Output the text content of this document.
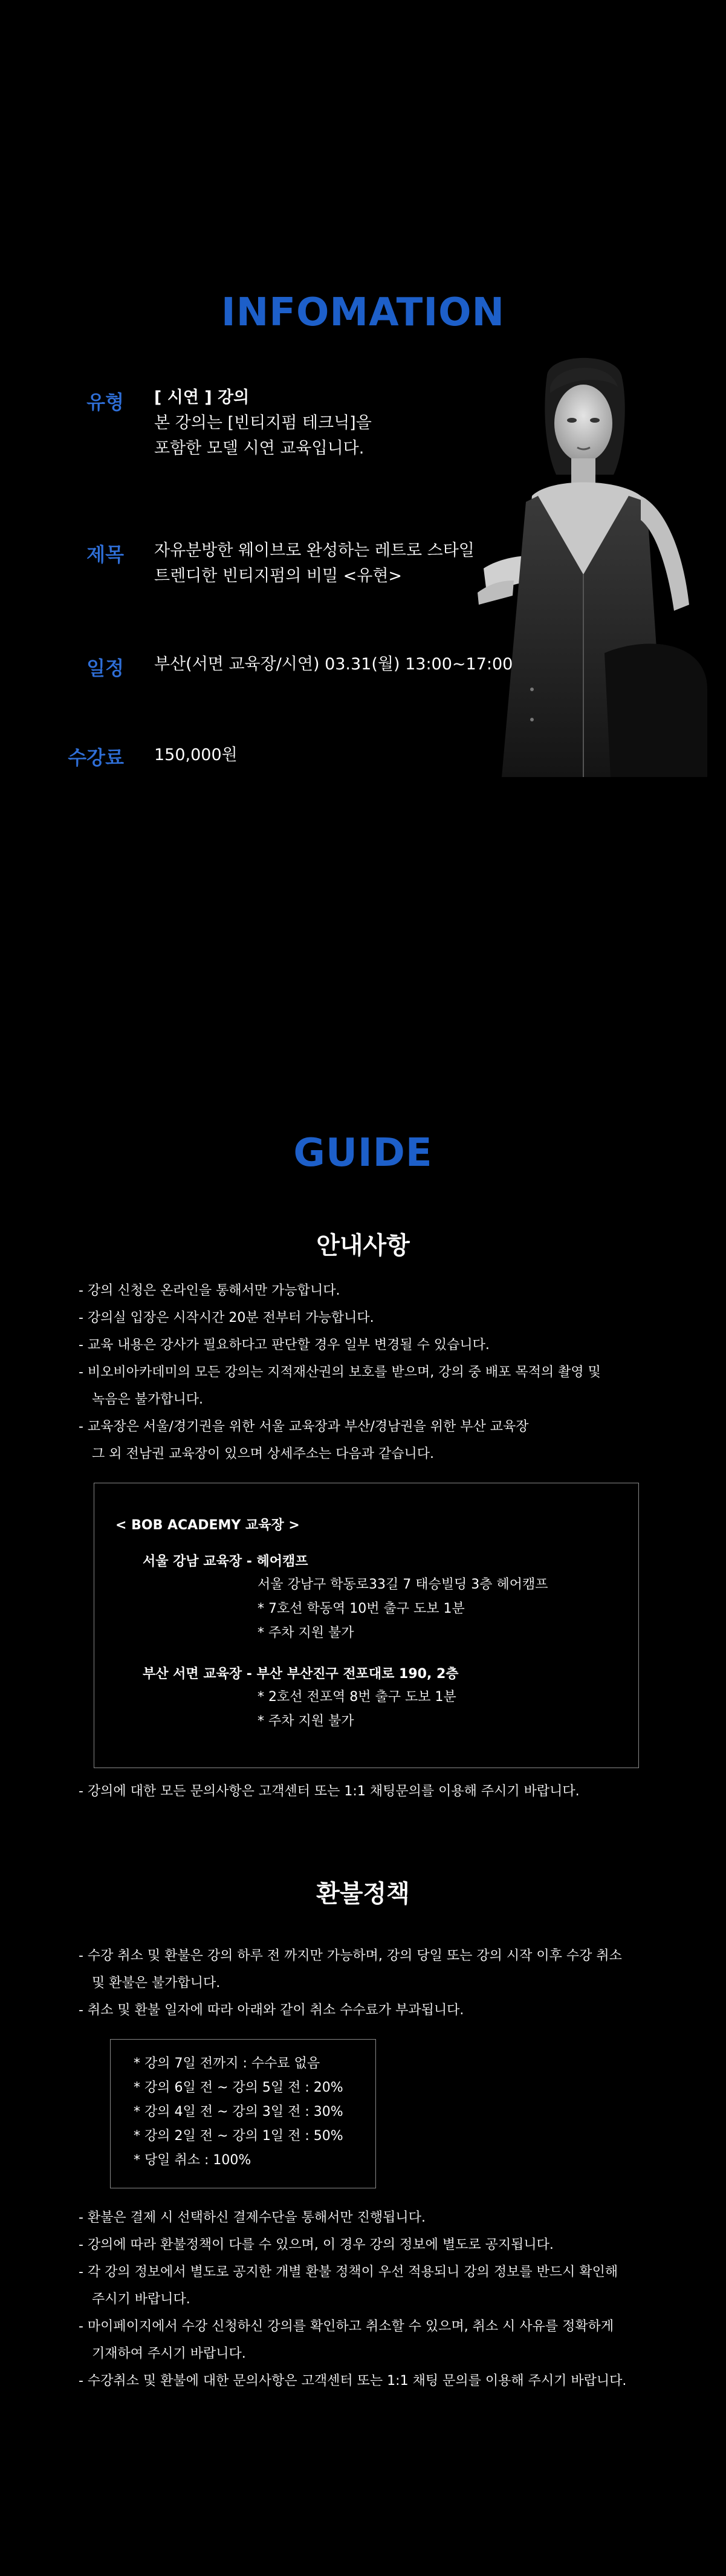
INFOMATION
유형 [ 시연 ] 강의
본 강의는 [빈티지펌 테크닉]을
포함한 모델 시연 교육입니다.
제목 자유분방한 웨이브로 완성하는 레트로 스타일
트렌디한 빈티지펌의 비밀 <유현>
일정 부산(서면 교육장/시연) 03.31(월) 13:00~17:00
수강료 150,000원
GUIDE
안내사항
- 강의 신청은 온라인을 통해서만 가능합니다.
- 강의실 입장은 시작시간 20분 전부터 가능합니다.
- 교육 내용은 강사가 필요하다고 판단할 경우 일부 변경될 수 있습니다.
- 비오비아카데미의 모든 강의는 지적재산권의 보호를 받으며, 강의 중 배포 목적의 촬영 및
녹음은 불가합니다.
- 교육장은 서울/경기권을 위한 서울 교육장과 부산/경남권을 위한 부산 교육장
그 외 전남권 교육장이 있으며 상세주소는 다음과 같습니다.
< BOB ACADEMY 교육장 >
서울 강남 교육장 - 헤어캠프
서울 강남구 학동로33길 7 태승빌딩 3층 헤어캠프
* 7호선 학동역 10번 출구 도보 1분
* 주차 지원 불가
부산 서면 교육장 - 부산 부산진구 전포대로 190, 2층
* 2호선 전포역 8번 출구 도보 1분
* 주차 지원 불가
- 강의에 대한 모든 문의사항은 고객센터 또는 1:1 채팅문의를 이용해 주시기 바랍니다.
환불정책
- 수강 취소 및 환불은 강의 하루 전 까지만 가능하며, 강의 당일 또는 강의 시작 이후 수강 취소
및 환불은 불가합니다.
- 취소 및 환불 일자에 따라 아래와 같이 취소 수수료가 부과됩니다.
* 강의 7일 전까지 : 수수료 없음
* 강의 6일 전 ~ 강의 5일 전 : 20%
* 강의 4일 전 ~ 강의 3일 전 : 30%
* 강의 2일 전 ~ 강의 1일 전 : 50%
* 당일 취소 : 100%
- 환불은 결제 시 선택하신 결제수단을 통해서만 진행됩니다.
- 강의에 따라 환불정책이 다를 수 있으며, 이 경우 강의 정보에 별도로 공지됩니다.
- 각 강의 정보에서 별도로 공지한 개별 환불 정책이 우선 적용되니 강의 정보를 반드시 확인해
주시기 바랍니다.
- 마이페이지에서 수강 신청하신 강의를 확인하고 취소할 수 있으며, 취소 시 사유를 정확하게
기재하여 주시기 바랍니다.
- 수강취소 및 환불에 대한 문의사항은 고객센터 또는 1:1 채팅 문의를 이용해 주시기 바랍니다.
